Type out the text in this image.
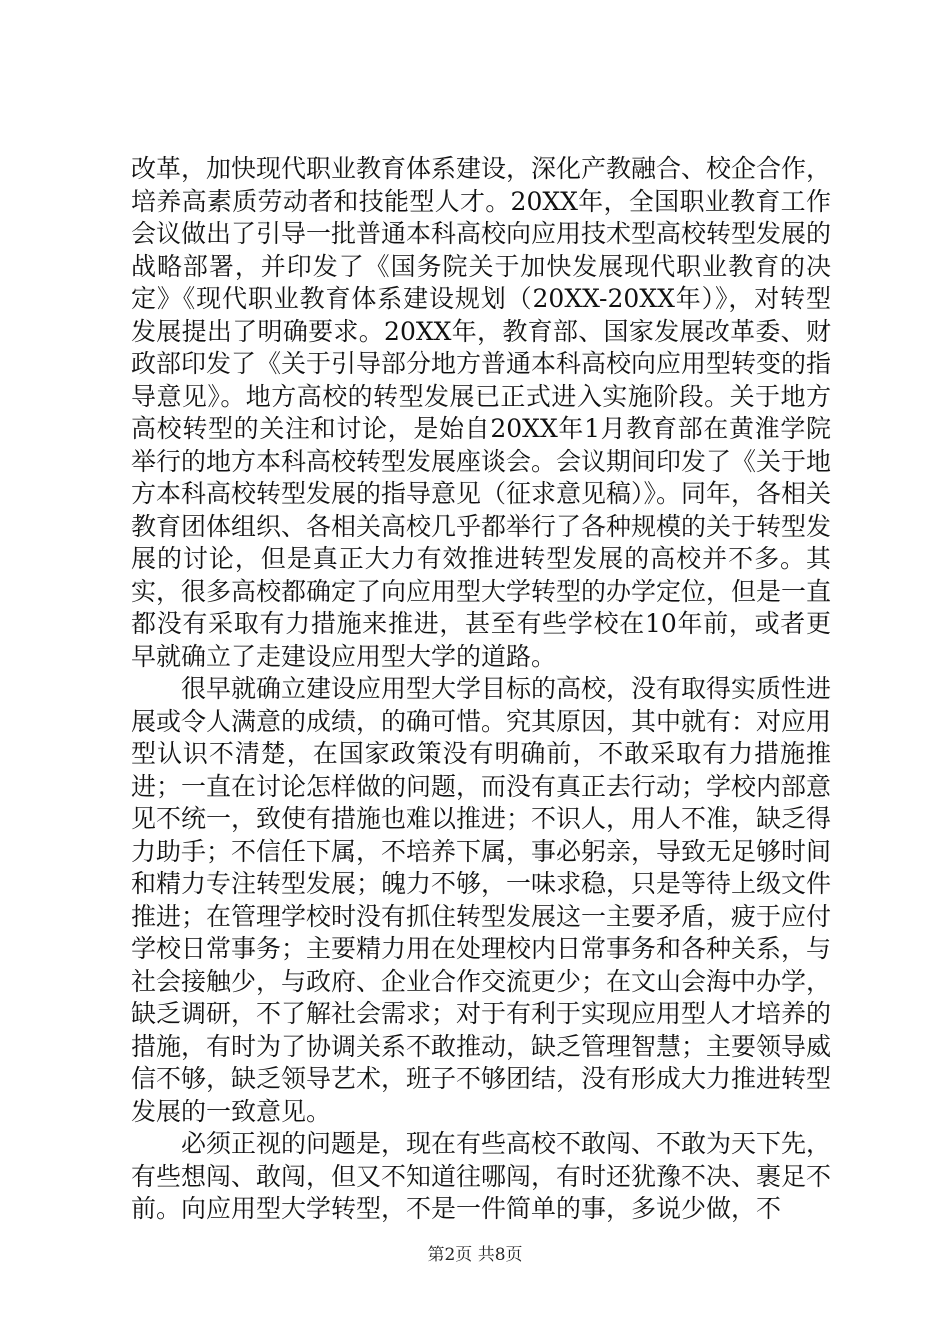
改革，加快现代职业教育体系建设，深化产教融合、校企合作，培养高素质劳动者和技能型人才。20XX年，全国职业教育工作会议做出了引导一批普通本科高校向应用技术型高校转型发展的战略部署，并印发了《国务院关于加快发展现代职业教育的决定》《现代职业教育体系建设规划（20XX-20XX年）》，对转型发展提出了明确要求。20XX年，教育部、国家发展改革委、财政部印发了《关于引导部分地方普通本科高校向应用型转变的指导意见》。地方高校的转型发展已正式进入实施阶段。关于地方高校转型的关注和讨论，是始自20XX年1月教育部在黄淮学院举行的地方本科高校转型发展座谈会。会议期间印发了《关于地方本科高校转型发展的指导意见（征求意见稿）》。同年，各相关教育团体组织、各相关高校几乎都举行了各种规模的关于转型发展的讨论，但是真正大力有效推进转型发展的高校并不多。其实，很多高校都确定了向应用型大学转型的办学定位，但是一直都没有采取有力措施来推进，甚至有些学校在10年前，或者更早就确立了走建设应用型大学的道路。

很早就确立建设应用型大学目标的高校，没有取得实质性进展或令人满意的成绩，的确可惜。究其原因，其中就有：对应用型认识不清楚，在国家政策没有明确前，不敢采取有力措施推进；一直在讨论怎样做的问题，而没有真正去行动；学校内部意见不统一，致使有措施也难以推进；不识人，用人不准，缺乏得力助手；不信任下属，不培养下属，事必躬亲，导致无足够时间和精力专注转型发展；魄力不够，一味求稳，只是等待上级文件推进；在管理学校时没有抓住转型发展这一主要矛盾，疲于应付学校日常事务；主要精力用在处理校内日常事务和各种关系，与社会接触少，与政府、企业合作交流更少；在文山会海中办学，缺乏调研，不了解社会需求；对于有利于实现应用型人才培养的措施，有时为了协调关系不敢推动，缺乏管理智慧；主要领导威信不够，缺乏领导艺术，班子不够团结，没有形成大力推进转型发展的一致意见。

必须正视的问题是，现在有些高校不敢闯、不敢为天下先，有些想闯、敢闯，但又不知道往哪闯，有时还犹豫不决、裹足不前。向应用型大学转型，不是一件简单的事，多说少做，不

第2页 共8页
